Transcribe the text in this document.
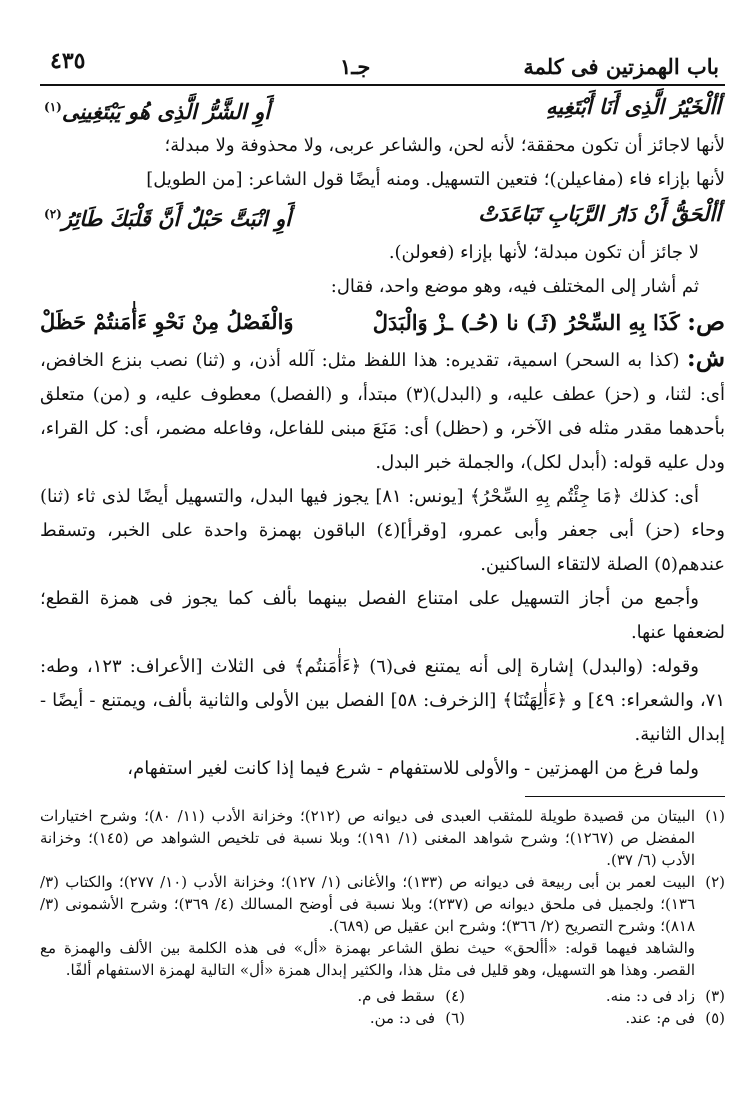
باب الهمزتين فى كلمة
جـ١
٤٣٥
أألْخَيْرُ الَّذِى أَنَا أَبْتَغِيهِ
أَوِ الشَّرُّ الَّذِى هُو يَبْتَغِينِى$^{(١)}$

لأنها لاجائز أن تكون محققة؛ لأنه لحن، والشاعر عربى، ولا محذوفة ولا مبدلة؛

لأنها بإزاء فاء (مفاعيلن)؛ فتعين التسهيل. ومنه أيضًا قول الشاعر: [من الطويل]

أألْحَقُّ أَنْ دَارُ الرَّبَابِ تَبَاعَدَتْ
أَوِ انْبَتَّ حَبْلٌ أَنَّ قَلْبَكَ طَائِرُ$^{(٢)}$

لا جائز أن تكون مبدلة؛ لأنها بإزاء (فعولن).

ثم أشار إلى المختلف فيه، وهو موضع واحد، فقال:

ص: كَذَا بِهِ السِّحْرُ (ثَـ) نا (حُـ) ـزْ وَالْبَدَلْ
وَالْفَصْلُ مِنْ نَحْوِ ءَأٰمَنتُمْ حَظَلْ

ش: (كذا به السحر) اسمية، تقديره: هذا اللفظ مثل: آلله أذن، و (ثنا) نصب بنزع الخافض، أى: لثنا، و (حز) عطف عليه، و (البدل)(٣) مبتدأ، و (الفصل) معطوف عليه، و (من) متعلق بأحدهما مقدر مثله فى الآخر، و (حظل) أى: مَنَعَ مبنى للفاعل، وفاعله مضمر، أى: كل القراء، ودل عليه قوله: (أبدل لكل)، والجملة خبر البدل.

أى: كذلك ﴿مَا جِئْتُم بِهِ السِّحْرُ﴾ [يونس: ٨١] يجوز فيها البدل، والتسهيل أيضًا لذى ثاء (ثنا) وحاء (حز) أبى جعفر وأبى عمرو، [وقرأ](٤) الباقون بهمزة واحدة على الخبر، وتسقط عندهم(٥) الصلة لالتقاء الساكنين.

وأجمع من أجاز التسهيل على امتناع الفصل بينهما بألف كما يجوز فى همزة القطع؛ لضعفها عنها.

وقوله: (والبدل) إشارة إلى أنه يمتنع فى(٦) ﴿ءَأٰمَنتُم﴾ فى الثلاث [الأعراف: ١٢٣، وطه: ٧١، والشعراء: ٤٩] و ﴿ءَأٰلِهَتُنَا﴾ [الزخرف: ٥٨] الفصل بين الأولى والثانية بألف، ويمتنع - أيضًا - إبدال الثانية.

ولما فرغ من الهمزتين - والأولى للاستفهام - شرع فيما إذا كانت لغير استفهام،

(١)

البيتان من قصيدة طويلة للمثقب العبدى فى ديوانه ص (٢١٢)؛ وخزانة الأدب (١١/ ٨٠)؛ وشرح اختيارات المفضل ص (١٢٦٧)؛ وشرح شواهد المغنى (١/ ١٩١)؛ وبلا نسبة فى تلخيص الشواهد ص (١٤٥)؛ وخزانة الأدب (٦/ ٣٧).

(٢)

البيت لعمر بن أبى ربيعة فى ديوانه ص (١٣٣)؛ والأغانى (١/ ١٢٧)؛ وخزانة الأدب (١٠/ ٢٧٧)؛ والكتاب (٣/ ١٣٦)؛ ولجميل فى ملحق ديوانه ص (٢٣٧)؛ وبلا نسبة فى أوضح المسالك (٤/ ٣٦٩)؛ وشرح الأشمونى (٣/ ٨١٨)؛ وشرح التصريح (٢/ ٣٦٦)؛ وشرح ابن عقيل ص (٦٨٩).

والشاهد فيهما قوله: «أألحق» حيث نطق الشاعر بهمزة «أل» فى هذه الكلمة بين الألف والهمزة مع القصر. وهذا هو التسهيل، وهو قليل فى مثل هذا، والكثير إبدال همزة «أل» التالية لهمزة الاستفهام ألفًا.

(٣)زاد فى د: منه.
(٤)سقط فى م.
(٥)فى م: عند.
(٦)فى د: من.
